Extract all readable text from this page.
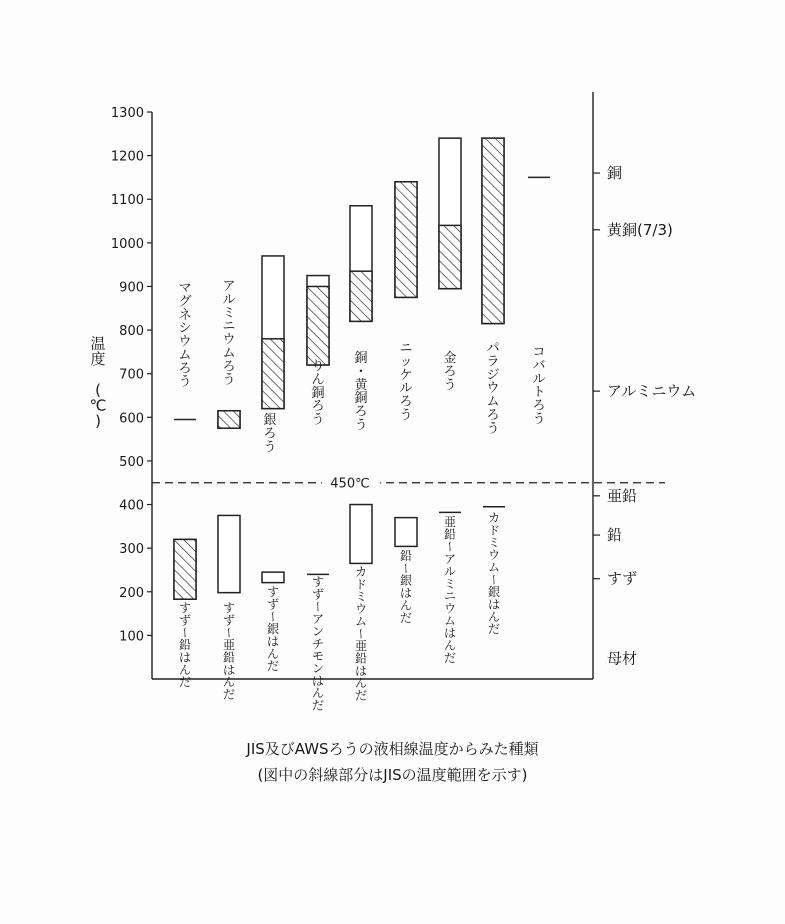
100
200
300
400
500
600
700
800
900
1000
1100
1200
1300
温
度
(
℃
)
450℃
銅
黄銅(7/3)
アルミニウム
亜鉛
鉛
すず
母材
マ
グ
ネ
シ
ウ
ム
ろ
う
ア
ル
ミ
ニ
ウ
ム
ろ
う
銀
ろ
う
り
ん
銅
ろ
う
銅
・
黄
銅
ろ
う
ニ
ッ
ケ
ル
ろ
う
金
ろ
う
パ
ラ
ジ
ウ
ム
ろ
う
コ
バ
ル
ト
ろ
う
す
ず
ー
鉛
は
ん
だ
す
ず
ー
亜
鉛
は
ん
だ
す
ず
ー
銀
は
ん
だ
す
ず
ー
ア
ン
チ
モ
ン
は
ん
だ
カ
ド
ミ
ウ
ム
ー
亜
鉛
は
ん
だ
鉛
ー
銀
は
ん
だ
亜
鉛
ー
ア
ル
ミ
ニ
ウ
ム
は
ん
だ
カ
ド
ミ
ウ
ム
ー
銀
は
ん
だ
JIS及びAWSろうの液相線温度からみた種類
(図中の斜線部分はJISの温度範囲を示す)
